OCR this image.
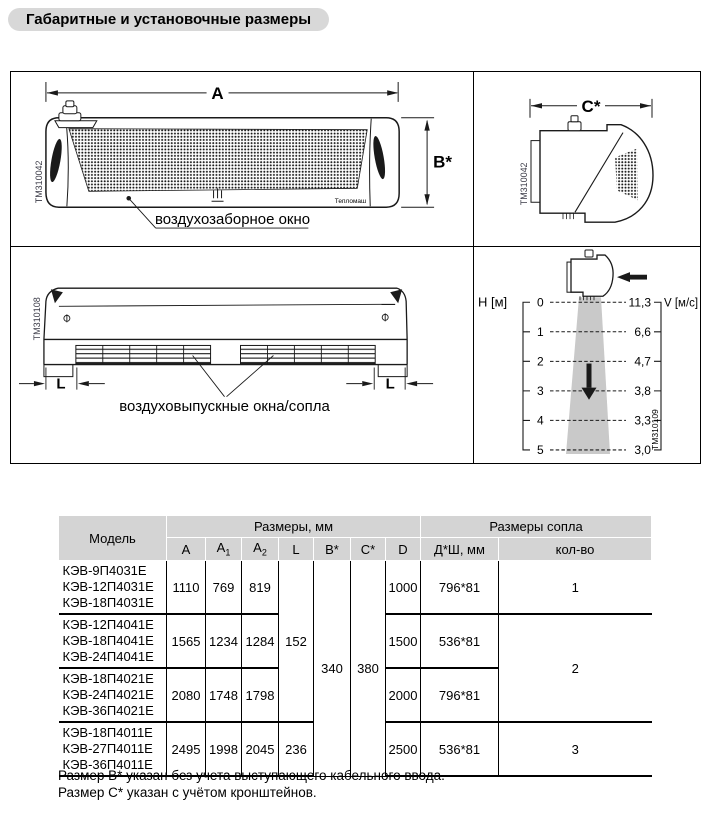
Габаритные и установочные размеры
A
Тепломаш
B*
воздухозаборное окно
TM310042
C*
TM310042
L	L
воздуховыпускные окна/сопла
TM310108	H [м]	V [м/с]
0
1
2
3
4
5
11,3
6,6
4,7
3,8
3,3
3,0
TM310109
Модель	Размеры, мм							Размеры сопла	
	A	$A_1$	$A_2$	L	B*	C*	D	Д*Ш, мм	кол-во

КЭВ-9П4031Е
КЭВ-12П4031Е
КЭВ-18П4031Е	1110	769	819	152	340	380	1000	796*81	1

КЭВ-12П4041Е
КЭВ-18П4041Е
КЭВ-24П4041Е	1565	1234	1284				1500	536*81	2

КЭВ-18П4021Е
КЭВ-24П4021Е
КЭВ-36П4021Е	2080	1748	1798				2000	796*81	

КЭВ-18П4011Е
КЭВ-27П4011Е
КЭВ-36П4011Е	2495	1998	2045	236			2500	536*81	3
Размер B* указан без учета выступающего кабельного ввода.
Размер C* указан с учётом кронштейнов.
